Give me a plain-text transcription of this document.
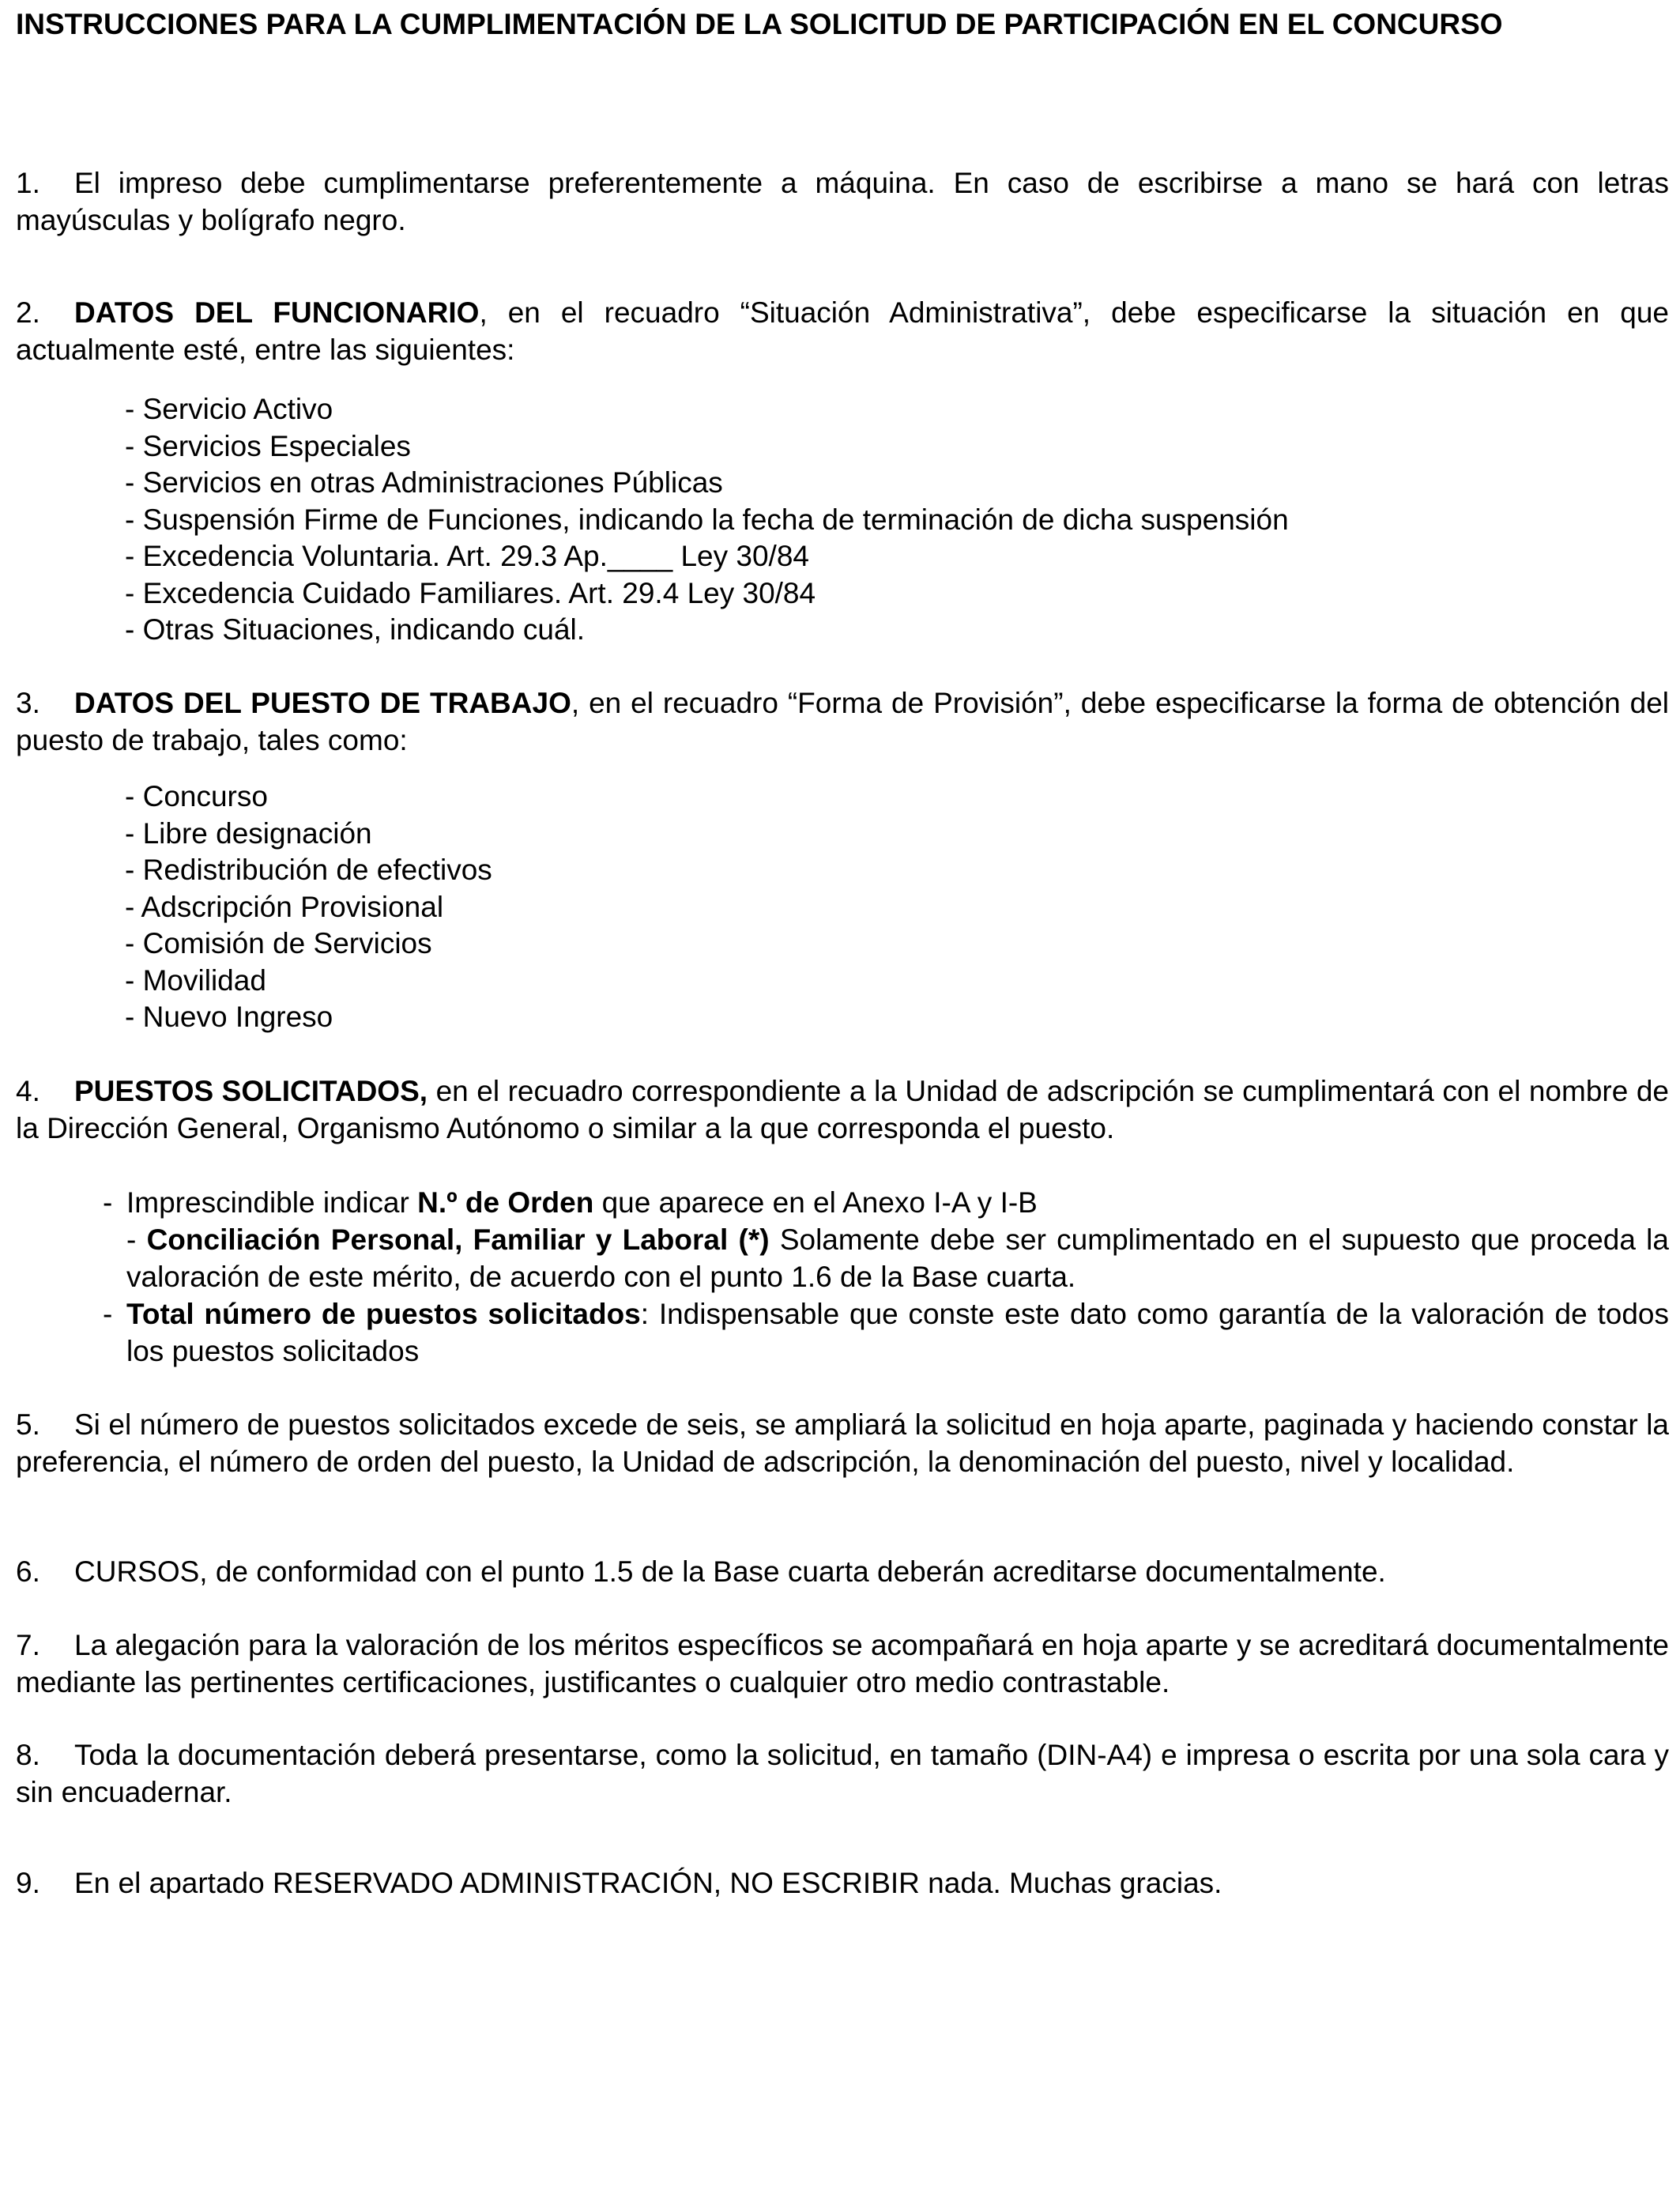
INSTRUCCIONES PARA LA CUMPLIMENTACIÓN DE LA SOLICITUD DE PARTICIPACIÓN EN EL CONCURSO
1. El impreso debe cumplimentarse preferentemente a máquina. En caso de escribirse a mano se hará con letras mayúsculas y bolígrafo negro.
2. DATOS DEL FUNCIONARIO, en el recuadro “Situación Administrativa”, debe especificarse la situación en que actualmente esté, entre las siguientes:
- Servicio Activo
- Servicios Especiales
- Servicios en otras Administraciones Públicas
- Suspensión Firme de Funciones, indicando la fecha de terminación de dicha suspensión
- Excedencia Voluntaria. Art. 29.3 Ap.____ Ley 30/84
- Excedencia Cuidado Familiares. Art. 29.4 Ley 30/84
- Otras Situaciones, indicando cuál.
3. DATOS DEL PUESTO DE TRABAJO, en el recuadro “Forma de Provisión”, debe especificarse la forma de obtención del puesto de trabajo, tales como:
- Concurso
- Libre designación
- Redistribución de efectivos
- Adscripción Provisional
- Comisión de Servicios
- Movilidad
- Nuevo Ingreso
4. PUESTOS SOLICITADOS, en el recuadro correspondiente a la Unidad de adscripción se cumplimentará con el nombre de la Dirección General, Organismo Autónomo o similar a la que corresponda el puesto.
- Imprescindible indicar N.º de Orden que aparece en el Anexo I-A y I-B
- Conciliación Personal, Familiar y Laboral (*) Solamente debe ser cumplimentado en el supuesto que proceda la valoración de este mérito, de acuerdo con el punto 1.6 de la Base cuarta.
- Total número de puestos solicitados: Indispensable que conste este dato como garantía de la valoración de todos los puestos solicitados
5. Si el número de puestos solicitados excede de seis, se ampliará la solicitud en hoja aparte, paginada y haciendo constar la preferencia, el número de orden del puesto, la Unidad de adscripción, la denominación del puesto, nivel y localidad.
6. CURSOS, de conformidad con el punto 1.5 de la Base cuarta deberán acreditarse documentalmente.
7. La alegación para la valoración de los méritos específicos se acompañará en hoja aparte y se acreditará documentalmente mediante las pertinentes certificaciones, justificantes o cualquier otro medio contrastable.
8. Toda la documentación deberá presentarse, como la solicitud, en tamaño (DIN-A4) e impresa o escrita por una sola cara y sin encuadernar.
9. En el apartado RESERVADO ADMINISTRACIÓN, NO ESCRIBIR nada. Muchas gracias.
